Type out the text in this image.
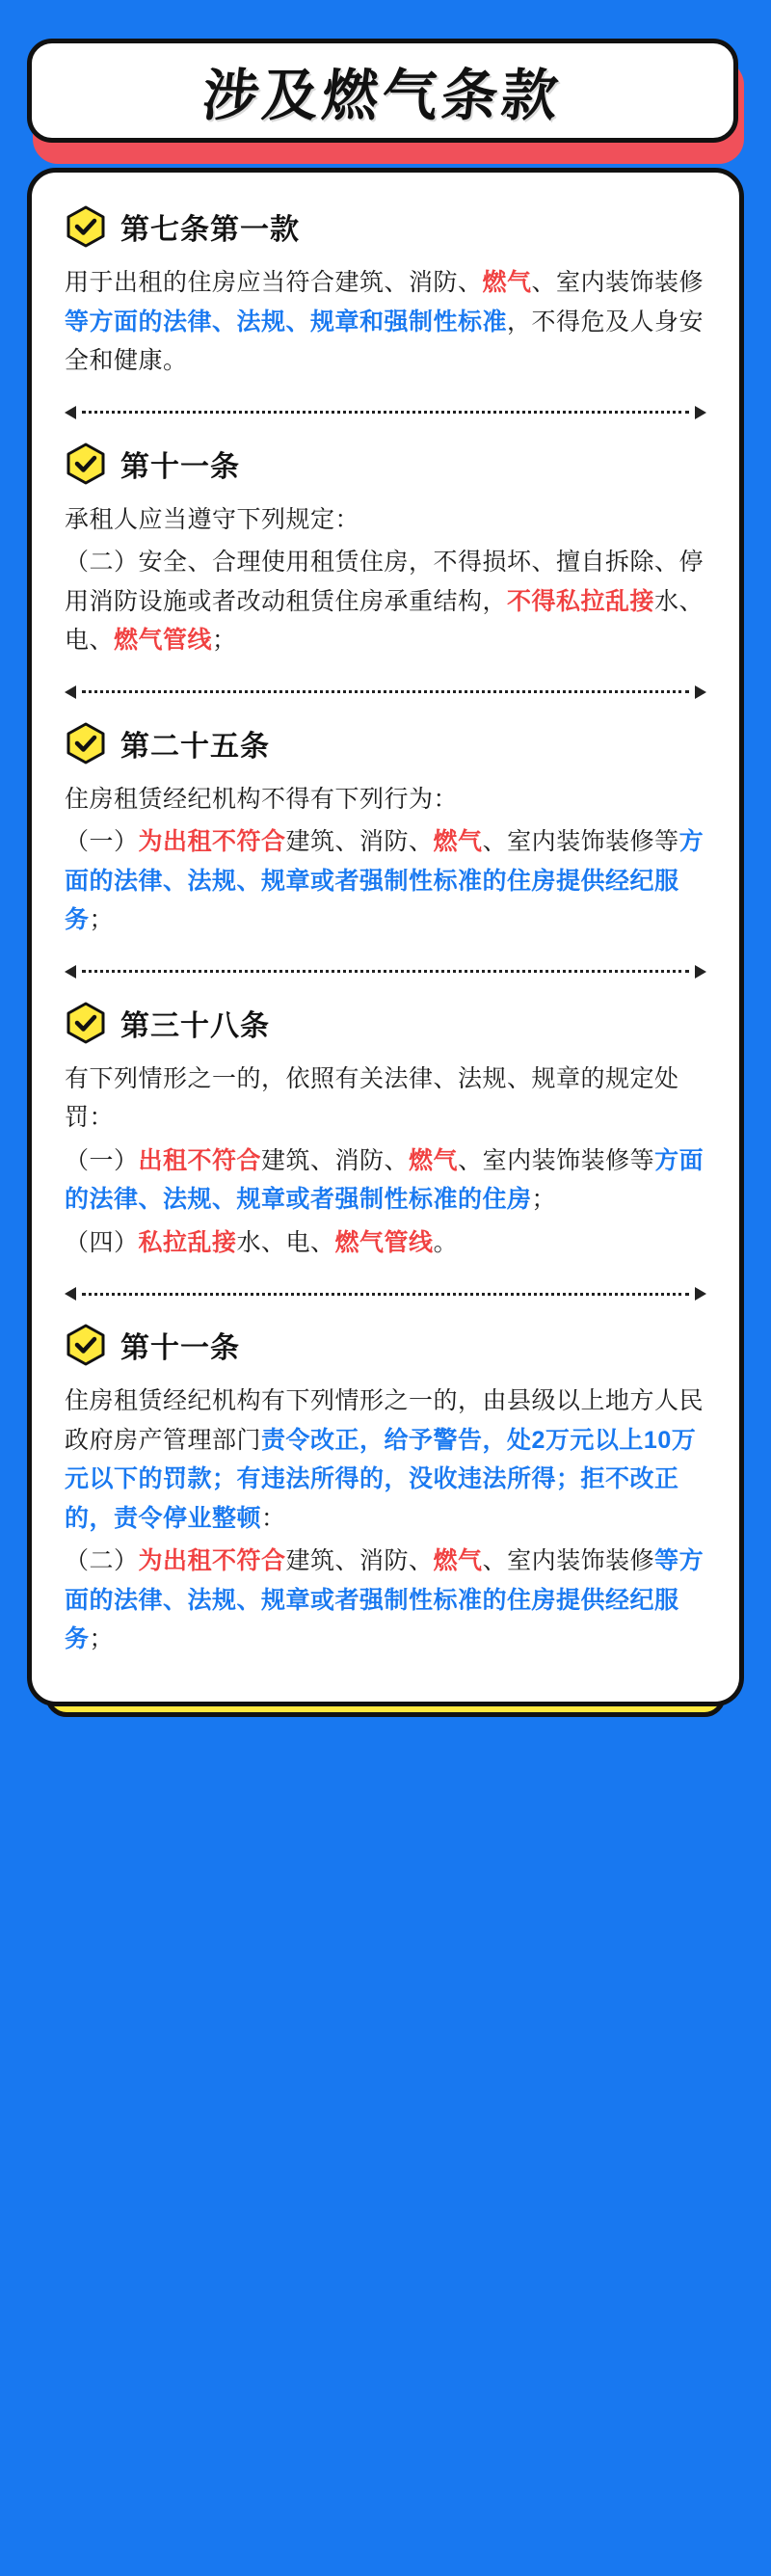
涉及燃气条款
第七条第一款

用于出租的住房应当符合建筑、消防、燃气、室内装饰装修等方面的法律、法规、规章和强制性标准，不得危及人身安全和健康。

第十一条

承租人应当遵守下列规定：

（二）安全、合理使用租赁住房，不得损坏、擅自拆除、停用消防设施或者改动租赁住房承重结构，不得私拉乱接水、电、燃气管线；

第二十五条

住房租赁经纪机构不得有下列行为：

（一）为出租不符合建筑、消防、燃气、室内装饰装修等方面的法律、法规、规章或者强制性标准的住房提供经纪服务；

第三十八条

有下列情形之一的，依照有关法律、法规、规章的规定处罚：

（一）出租不符合建筑、消防、燃气、室内装饰装修等方面的法律、法规、规章或者强制性标准的住房；

（四）私拉乱接水、电、燃气管线。

第十一条

住房租赁经纪机构有下列情形之一的，由县级以上地方人民政府房产管理部门责令改正，给予警告，处2万元以上10万元以下的罚款；有违法所得的，没收违法所得；拒不改正的，责令停业整顿：

（二）为出租不符合建筑、消防、燃气、室内装饰装修等方面的法律、法规、规章或者强制性标准的住房提供经纪服务；
